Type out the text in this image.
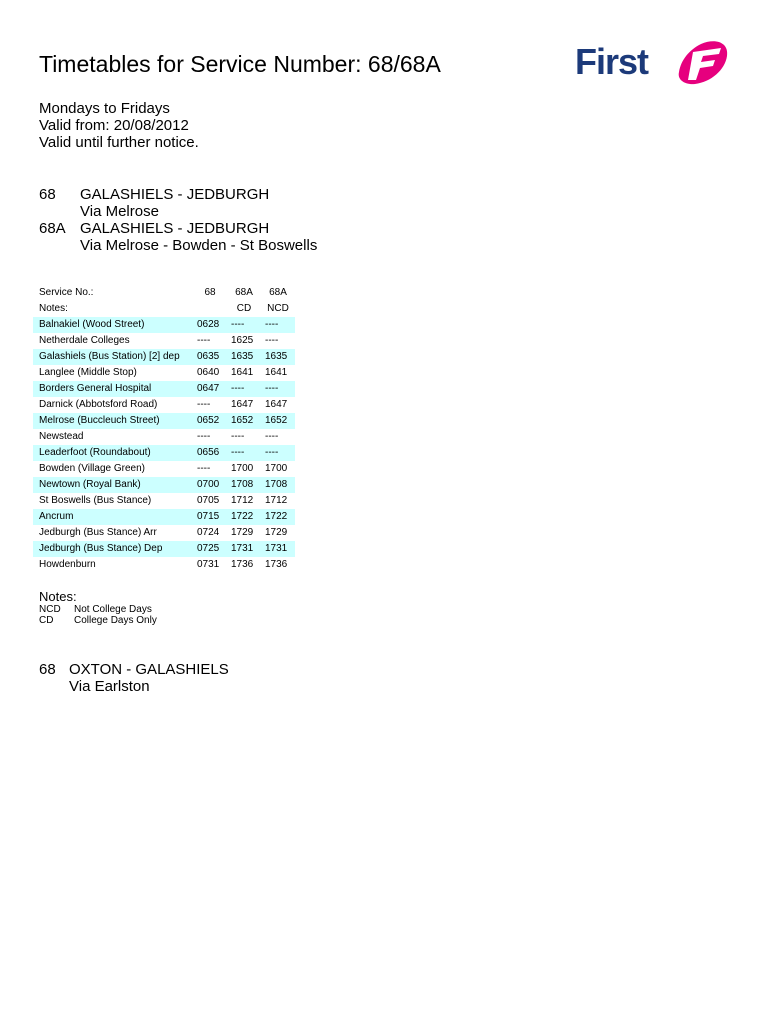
Timetables for Service Number: 68/68A	First
Mondays to Fridays
Valid from: 20/08/2012
Valid until further notice.
68 GALASHIELS - JEDBURGH
Via Melrose
68A GALASHIELS - JEDBURGH
Via Melrose - Bowden - St Boswells
Service No.:	68	68A	68A
Notes:		CD	NCD
Balnakiel (Wood Street)	0628	----	----
Netherdale Colleges	----	1625	----
Galashiels (Bus Station) [2] dep	0635	1635	1635
Langlee (Middle Stop)	0640	1641	1641
Borders General Hospital	0647	----	----
Darnick (Abbotsford Road)	----	1647	1647
Melrose (Buccleuch Street)	0652	1652	1652
Newstead	----	----	----
Leaderfoot (Roundabout)	0656	----	----
Bowden (Village Green)	----	1700	1700
Newtown (Royal Bank)	0700	1708	1708
St Boswells (Bus Stance)	0705	1712	1712
Ancrum	0715	1722	1722
Jedburgh (Bus Stance) Arr	0724	1729	1729
Jedburgh (Bus Stance) Dep	0725	1731	1731
Howdenburn	0731	1736	1736
Notes:
NCD Not College Days
CD College Days Only
68 OXTON - GALASHIELS
Via Earlston
